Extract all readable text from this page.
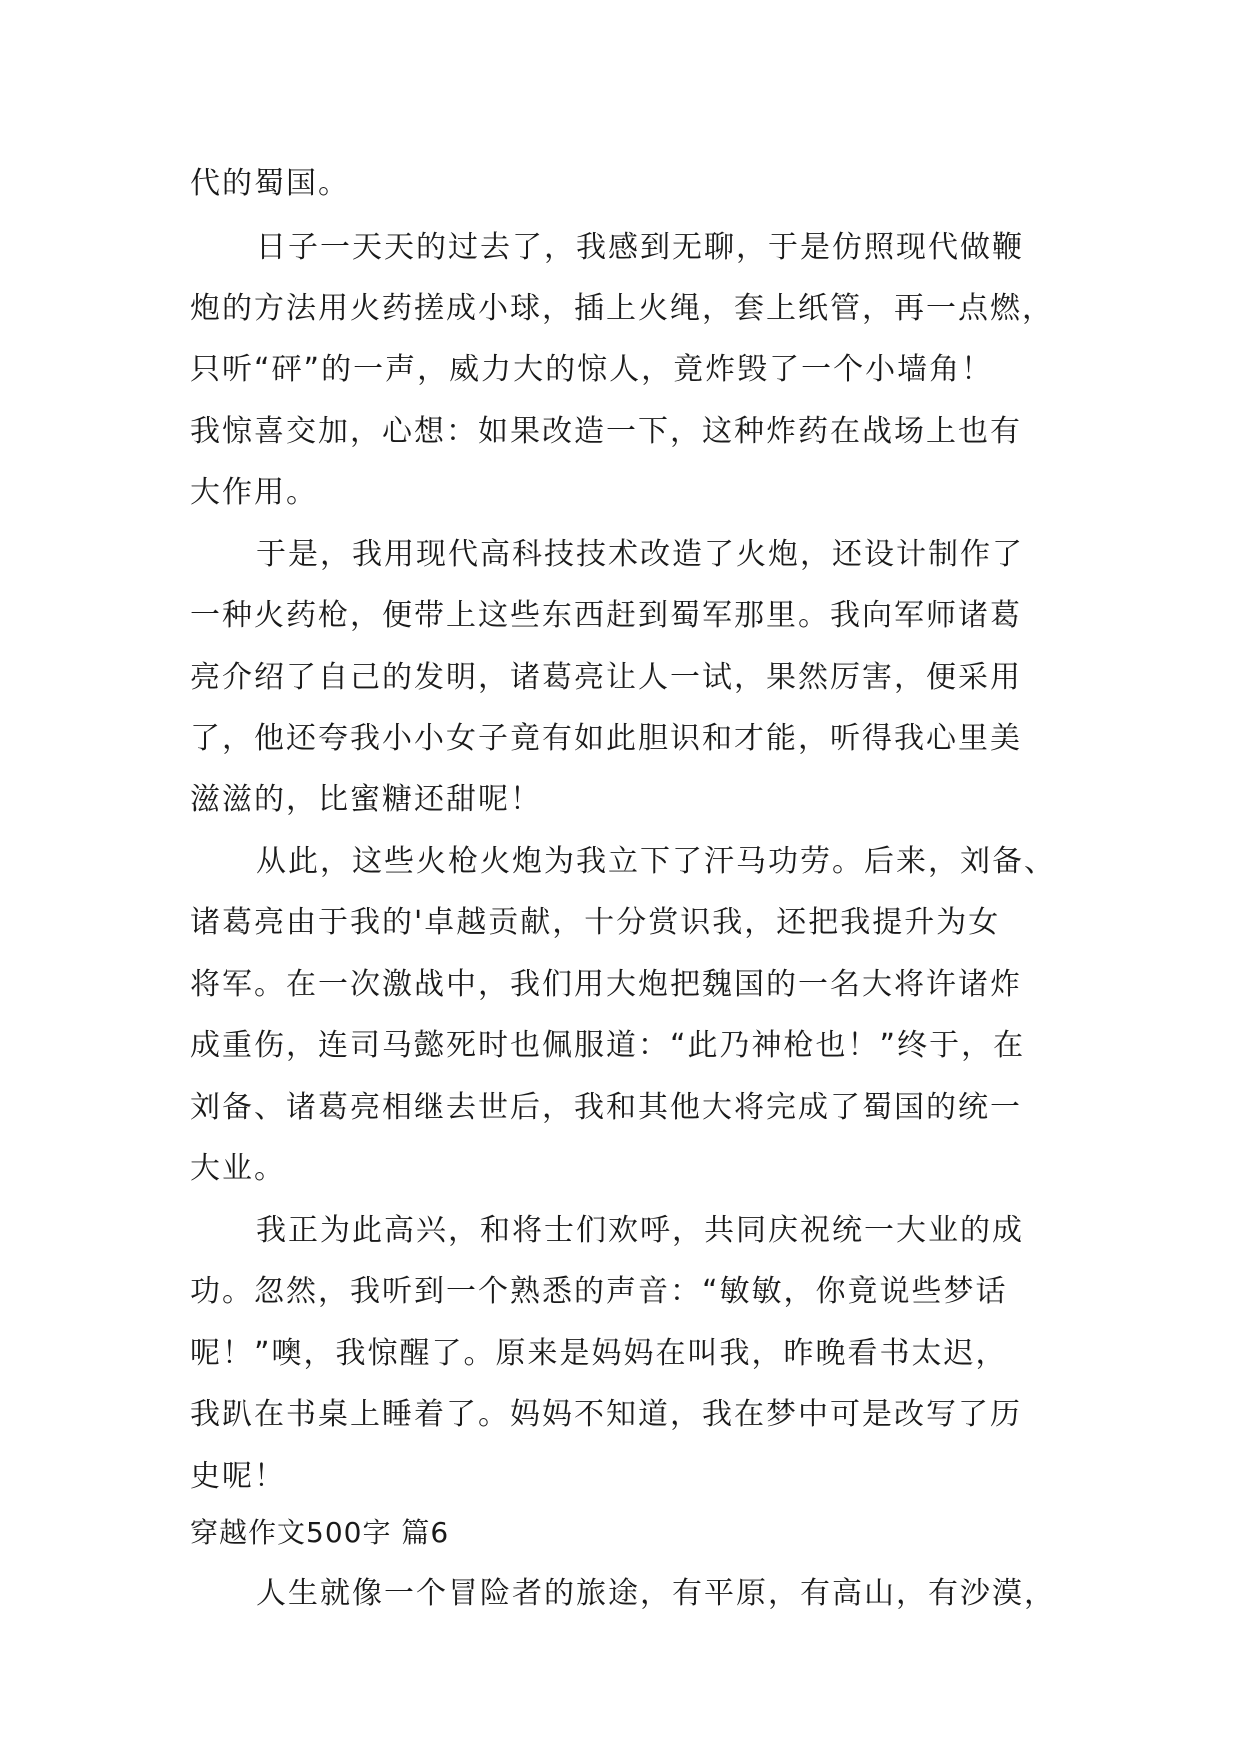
代的蜀国。
日子一天天的过去了，我感到无聊，于是仿照现代做鞭
炮的方法用火药搓成小球，插上火绳，套上纸管，再一点燃，
只听“砰”的一声，威力大的惊人，竟炸毁了一个小墙角！
我惊喜交加，心想：如果改造一下，这种炸药在战场上也有
大作用。
于是，我用现代高科技技术改造了火炮，还设计制作了
一种火药枪，便带上这些东西赶到蜀军那里。我向军师诸葛
亮介绍了自己的发明，诸葛亮让人一试，果然厉害，便采用
了，他还夸我小小女子竟有如此胆识和才能，听得我心里美
滋滋的，比蜜糖还甜呢！
从此，这些火枪火炮为我立下了汗马功劳。后来，刘备、
诸葛亮由于我的'卓越贡献，十分赏识我，还把我提升为女
将军。在一次激战中，我们用大炮把魏国的一名大将许诸炸
成重伤，连司马懿死时也佩服道：“此乃神枪也！”终于，在
刘备、诸葛亮相继去世后，我和其他大将完成了蜀国的统一
大业。
我正为此高兴，和将士们欢呼，共同庆祝统一大业的成
功。忽然，我听到一个熟悉的声音：“敏敏，你竟说些梦话
呢！”噢，我惊醒了。原来是妈妈在叫我，昨晚看书太迟，
我趴在书桌上睡着了。妈妈不知道，我在梦中可是改写了历
史呢！
穿越作文500字 篇6
人生就像一个冒险者的旅途，有平原，有高山，有沙漠，
